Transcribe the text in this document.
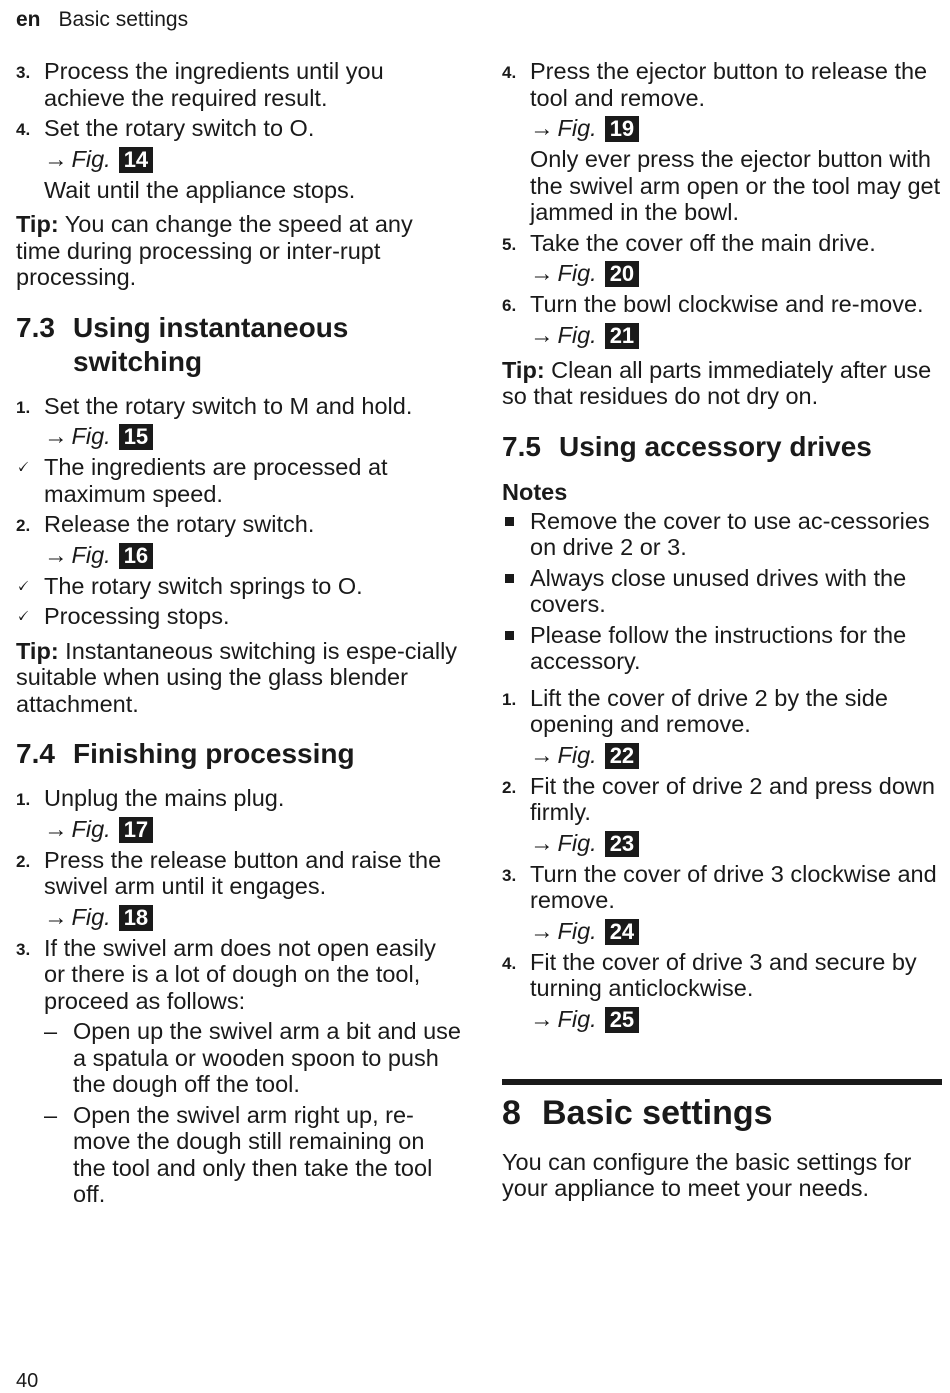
en Basic settings
3. Process the ingredients until you achieve the required result.
4. Set the rotary switch to O.
→ Fig. 14
Wait until the appliance stops.

Tip: You can change the speed at any time during processing or inter-rupt processing.

7.3 Using instantaneous switching
1. Set the rotary switch to M and hold.
→ Fig. 15
🗸 The ingredients are processed at maximum speed.
2. Release the rotary switch.
→ Fig. 16
🗸 The rotary switch springs to O.
🗸 Processing stops.

Tip: Instantaneous switching is espe-cially suitable when using the glass blender attachment.

7.4 Finishing processing
1. Unplug the mains plug.
→ Fig. 17
2. Press the release button and raise the swivel arm until it engages.
→ Fig. 18
3. If the swivel arm does not open easily or there is a lot of dough on the tool, proceed as follows:
– Open up the swivel arm a bit and use a spatula or wooden spoon to push the dough off the tool.
– Open the swivel arm right up, re-move the dough still remaining on the tool and only then take the tool off.
4. Press the ejector button to release the tool and remove.
→ Fig. 19
Only ever press the ejector button with the swivel arm open or the tool may get jammed in the bowl.
5. Take the cover off the main drive.
→ Fig. 20
6. Turn the bowl clockwise and re-move.
→ Fig. 21

Tip: Clean all parts immediately after use so that residues do not dry on.

7.5 Using accessory drives
Notes
Remove the cover to use ac-cessories on drive 2 or 3.
Always close unused drives with the covers.
Please follow the instructions for the accessory.
1. Lift the cover of drive 2 by the side opening and remove.
→ Fig. 22
2. Fit the cover of drive 2 and press down firmly.
→ Fig. 23
3. Turn the cover of drive 3 clockwise and remove.
→ Fig. 24
4. Fit the cover of drive 3 and secure by turning anticlockwise.
→ Fig. 25
8 Basic settings

You can configure the basic settings for your appliance to meet your needs.

40
